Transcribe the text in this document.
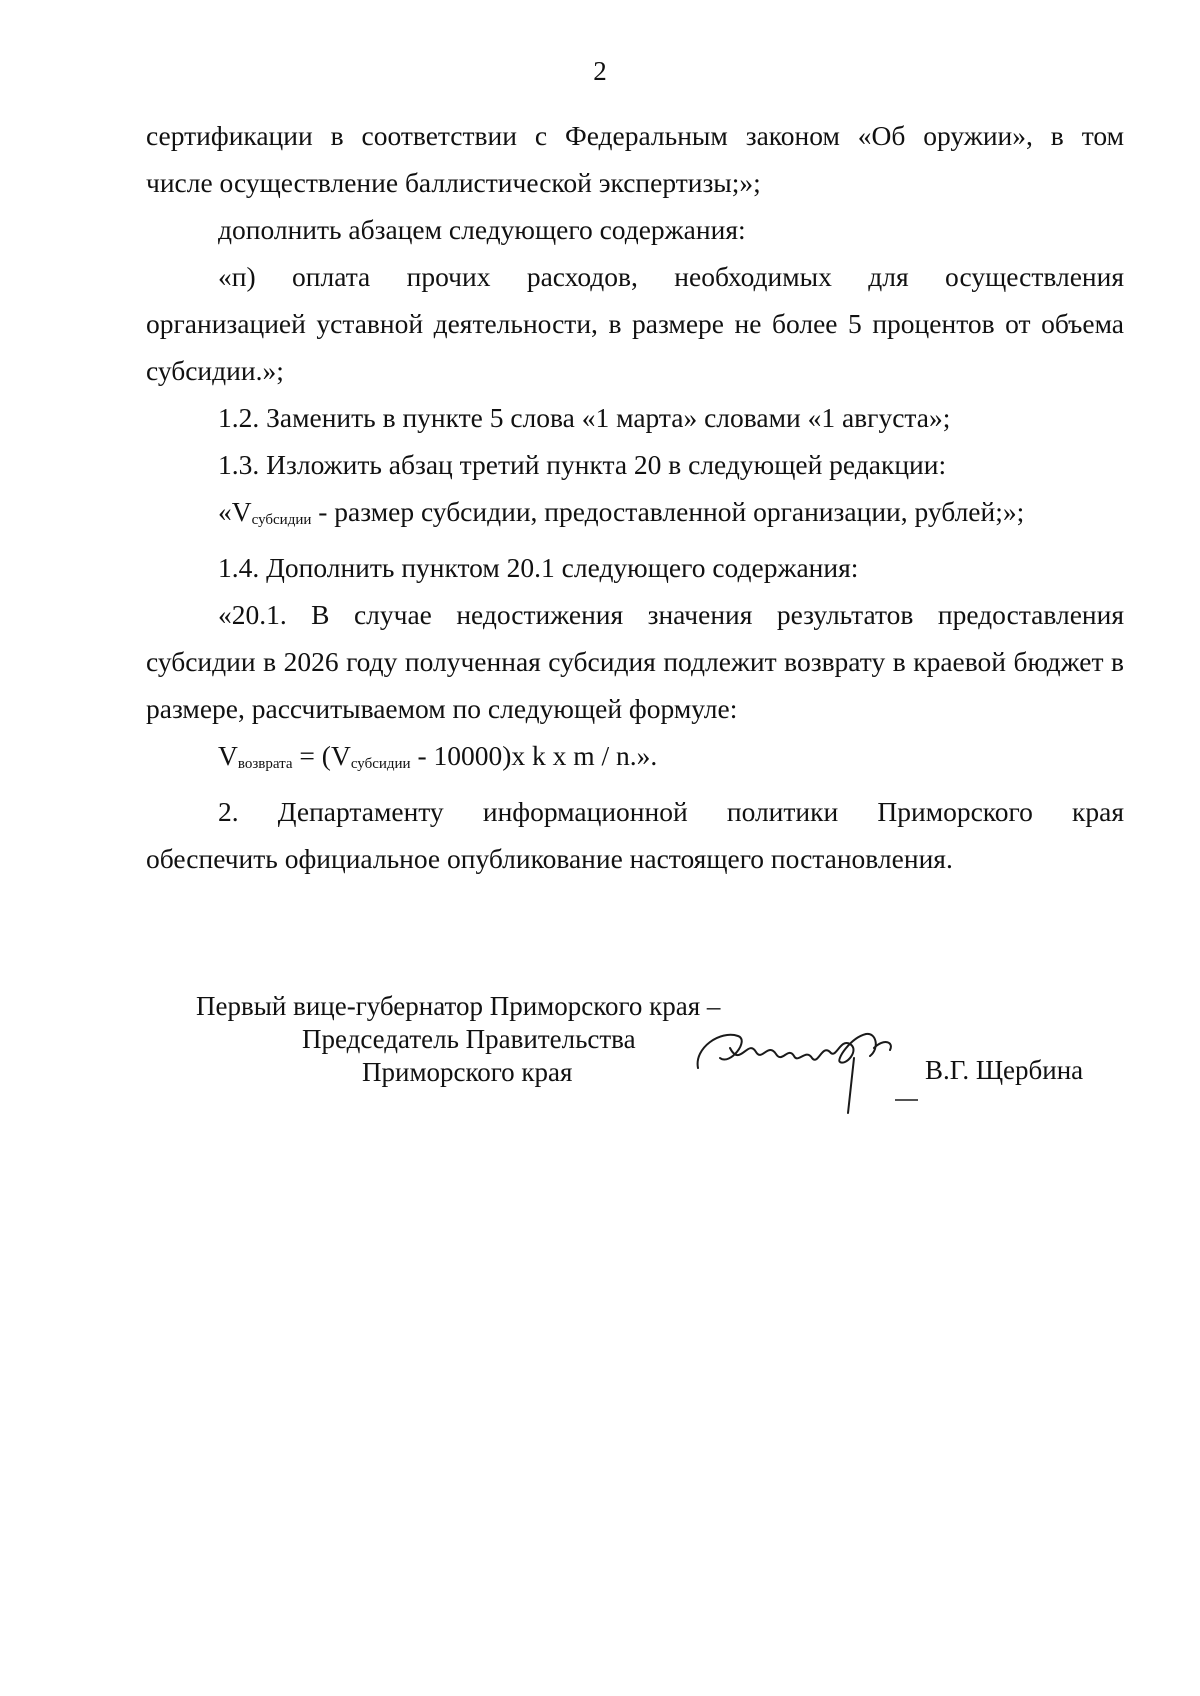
2

сертификации в соответствии с Федеральным законом «Об оружии», в том

числе осуществление баллистической экспертизы;»;

дополнить абзацем следующего содержания:

«п) оплата прочих расходов, необходимых для осуществления

организацией уставной деятельности, в размере не более 5 процентов от объема субсидии.»;

1.2. Заменить в пункте 5 слова «1 марта» словами «1 августа»;

1.3. Изложить абзац третий пункта 20 в следующей редакции:

«$V_{субсидии}$ - размер субсидии, предоставленной организации, рублей;»;

1.4. Дополнить пунктом 20.1 следующего содержания:

«20.1. В случае недостижения значения результатов предоставления субсидии в 2026 году полученная субсидия подлежит возврату в краевой бюджет в размере, рассчитываемом по следующей формуле:

$V_{возврата} = (V_{субсидии} - 10000)x$ k x m / n.».

2. Департаменту информационной политики Приморского края

обеспечить официальное опубликование настоящего постановления.

Первый вице-губернатор Приморского края –
Председатель Правительства
Приморского края	В.Г. Щербина
